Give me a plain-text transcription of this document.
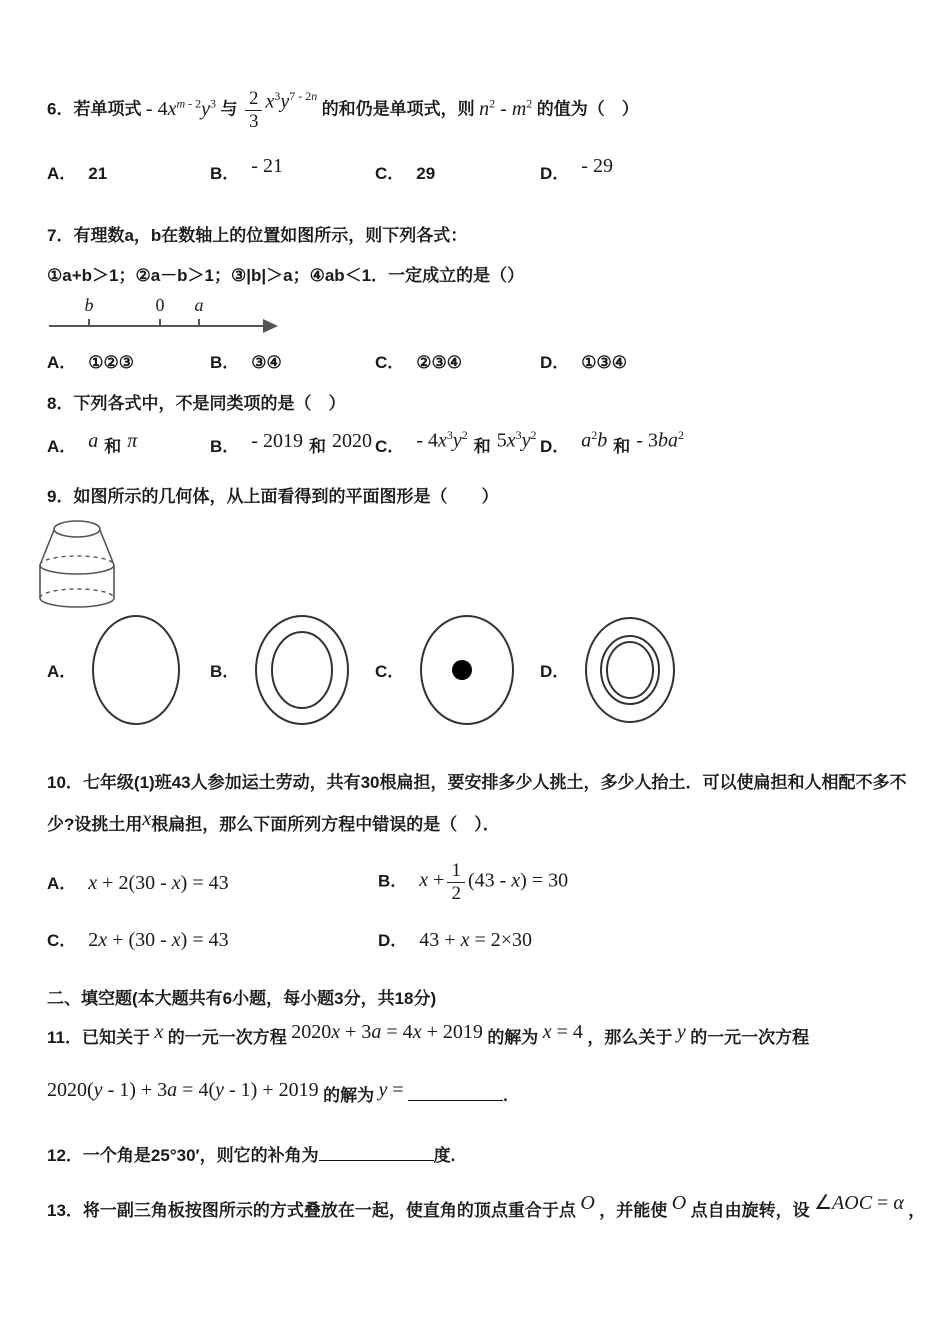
6．若单项式 - $4x^{m - 2}y^3$ 与 $\frac{2}{3} x^3y^{7 - 2n}$ 的和仍是单项式，则 $n^2 - m^2$ 的值为（　）
A． 21	B． - 21	C． 29	D． - 29
7．有理数a，b在数轴上的位置如图所示，则下列各式：
①a+b＞1；②a－b＞1；③|b|＞a；④ab＜1．一定成立的是（）
b	0 a
A． ①②③	B． ③④	C． ②③④	D． ①③④
8．下列各式中，不是同类项的是（　）
A． a 和 π	B． - 2019 和 2020 C． - $4x^3y^2$和 $5x^3y^2$
D． $a^2b$ 和 - $3ba^2$
9．如图所示的几何体，从上面看得到的平面图形是（　　）
A．	B．	C．	D．
10．七年级(1)班43人参加运土劳动，共有30根扁担，要安排多少人挑土，多少人抬土．可以使扁担和人相配不多不少?设挑土用x根扁担，那么下面所列方程中错误的是（　）．
A． x + 2(30 - x) = 43	B． $x + \frac{1}{2} (43 - x) = 30$
C． 2x + (30 - x) = 43	D． 43 + x = 2×30
二、填空题(本大题共有6小题，每小题3分，共18分)
11．已知关于 x 的一元一次方程 2020x + 3a = 4x + 2019 的解为 x = 4 ，那么关于 y 的一元一次方程
2020(y - 1) + 3a = 4(y - 1) + 2019 的解为 y =	.
12．一个角是25°30′，则它的补角为	度.
13．将一副三角板按图所示的方式叠放在一起，使直角的顶点重合于点 O ，并能使 O 点自由旋转，设 ∠AOC = α ，
